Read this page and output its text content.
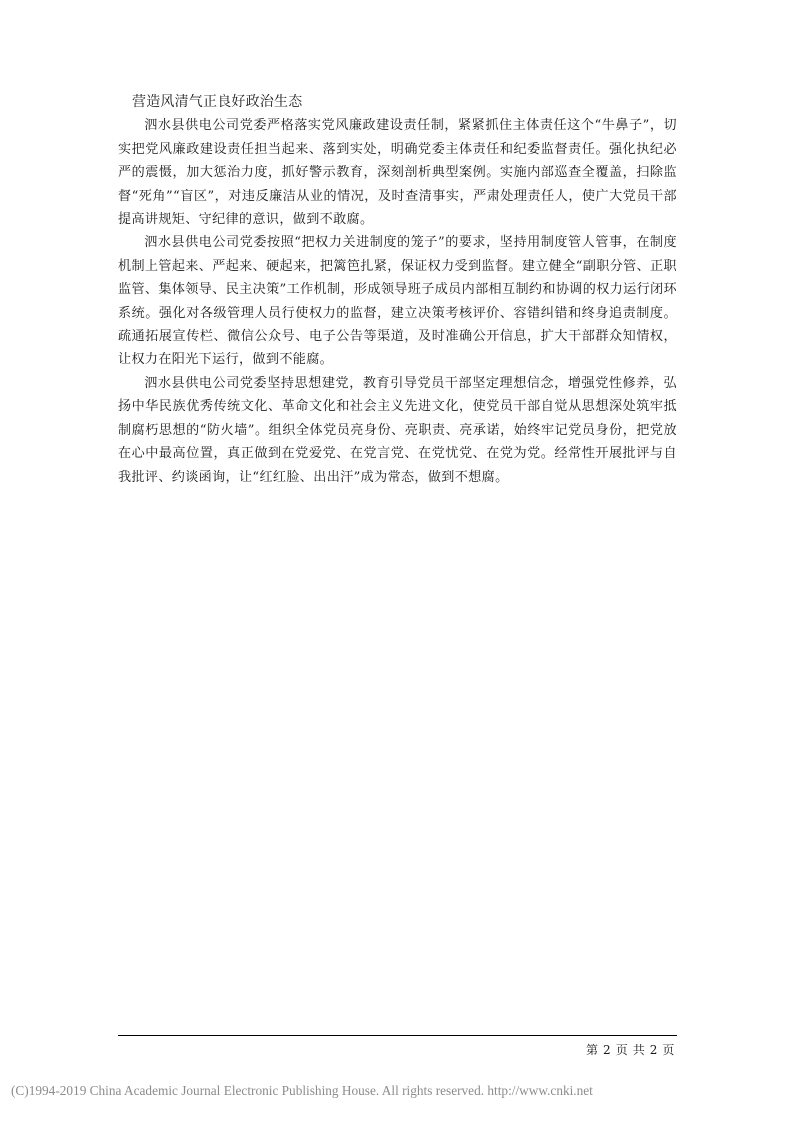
营造风清气正良好政治生态

泗水县供电公司党委严格落实党风廉政建设责任制，紧紧抓住主体责任这个“牛鼻子”，切实把党风廉政建设责任担当起来、落到实处，明确党委主体责任和纪委监督责任。强化执纪必严的震慑，加大惩治力度，抓好警示教育，深刻剖析典型案例。实施内部巡查全覆盖，扫除监督“死角”“盲区”，对违反廉洁从业的情况，及时查清事实，严肃处理责任人，使广大党员干部提高讲规矩、守纪律的意识，做到不敢腐。

泗水县供电公司党委按照“把权力关进制度的笼子”的要求，坚持用制度管人管事，在制度机制上管起来、严起来、硬起来，把篱笆扎紧，保证权力受到监督。建立健全“副职分管、正职监管、集体领导、民主决策”工作机制，形成领导班子成员内部相互制约和协调的权力运行闭环系统。强化对各级管理人员行使权力的监督，建立决策考核评价、容错纠错和终身追责制度。疏通拓展宣传栏、微信公众号、电子公告等渠道，及时准确公开信息，扩大干部群众知情权，让权力在阳光下运行，做到不能腐。

泗水县供电公司党委坚持思想建党，教育引导党员干部坚定理想信念，增强党性修养，弘扬中华民族优秀传统文化、革命文化和社会主义先进文化，使党员干部自觉从思想深处筑牢抵制腐朽思想的“防火墙”。组织全体党员亮身份、亮职责、亮承诺，始终牢记党员身份，把党放在心中最高位置，真正做到在党爱党、在党言党、在党忧党、在党为党。经常性开展批评与自我批评、约谈函询，让“红红脸、出出汗”成为常态，做到不想腐。

第 2 页 共 2 页
(C)1994-2019 China Academic Journal Electronic Publishing House. All rights reserved. http://www.cnki.net
